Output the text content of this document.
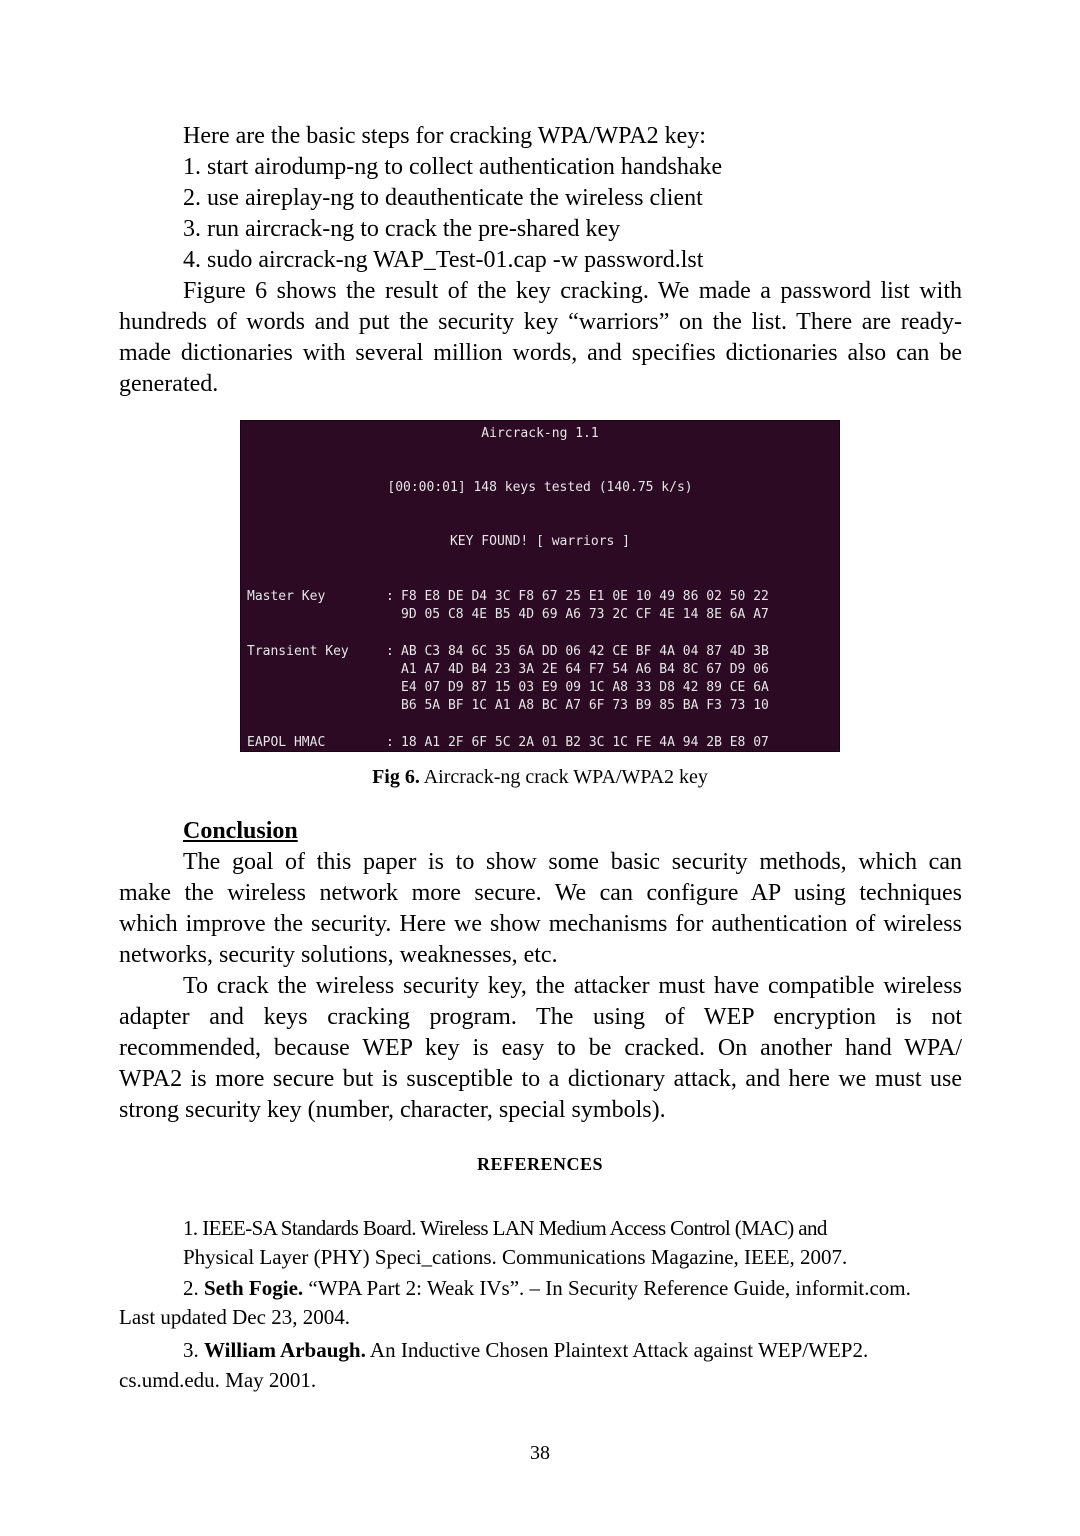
Here are the basic steps for cracking WPA/WPA2 key:
1. start airodump-ng to collect authentication handshake
2. use aireplay-ng to deauthenticate the wireless client
3. run aircrack-ng to crack the pre-shared key
4. sudo aircrack-ng WAP_Test-01.cap -w password.lst
Figure 6 shows the result of the key cracking. We made a password list with
hundreds of words and put the security key “warriors” on the list. There are ready-
made dictionaries with several million words, and specifies dictionaries also can be
generated.
Aircrack-ng 1.1
[00:00:01] 148 keys tested (140.75 k/s)
KEY FOUND! [ warriors ]
Master Key	: F8 E8 DE D4 3C F8 67 25 E1 0E 10 49 86 02 50 22
9D 05 C8 4E B5 4D 69 A6 73 2C CF 4E 14 8E 6A A7
Transient Key	: AB C3 84 6C 35 6A DD 06 42 CE BF 4A 04 87 4D 3B
A1 A7 4D B4 23 3A 2E 64 F7 54 A6 B4 8C 67 D9 06
E4 07 D9 87 15 03 E9 09 1C A8 33 D8 42 89 CE 6A
B6 5A BF 1C A1 A8 BC A7 6F 73 B9 85 BA F3 73 10
EAPOL HMAC	: 18 A1 2F 6F 5C 2A 01 B2 3C 1C FE 4A 94 2B E8 07
Fig 6. Aircrack-ng crack WPA/WPA2 key
Conclusion
The goal of this paper is to show some basic security methods, which can
make the wireless network more secure. We can configure AP using techniques
which improve the security. Here we show mechanisms for authentication of wireless
networks, security solutions, weaknesses, etc.
To crack the wireless security key, the attacker must have compatible wireless
adapter and keys cracking program. The using of WEP encryption is not
recommended, because WEP key is easy to be cracked. On another hand WPA/
WPA2 is more secure but is susceptible to a dictionary attack, and here we must use
strong security key (number, character, special symbols).
REFERENCES
1. IEEE-SA Standards Board. Wireless LAN Medium Access Control (MAC) and
Physical Layer (PHY) Speci_cations. Communications Magazine, IEEE, 2007.
2. Seth Fogie. “WPA Part 2: Weak IVs”. – In Security Reference Guide, informit.com.
Last updated Dec 23, 2004.
3. William Arbaugh. An Inductive Chosen Plaintext Attack against WEP/WEP2.
cs.umd.edu. May 2001.
38
